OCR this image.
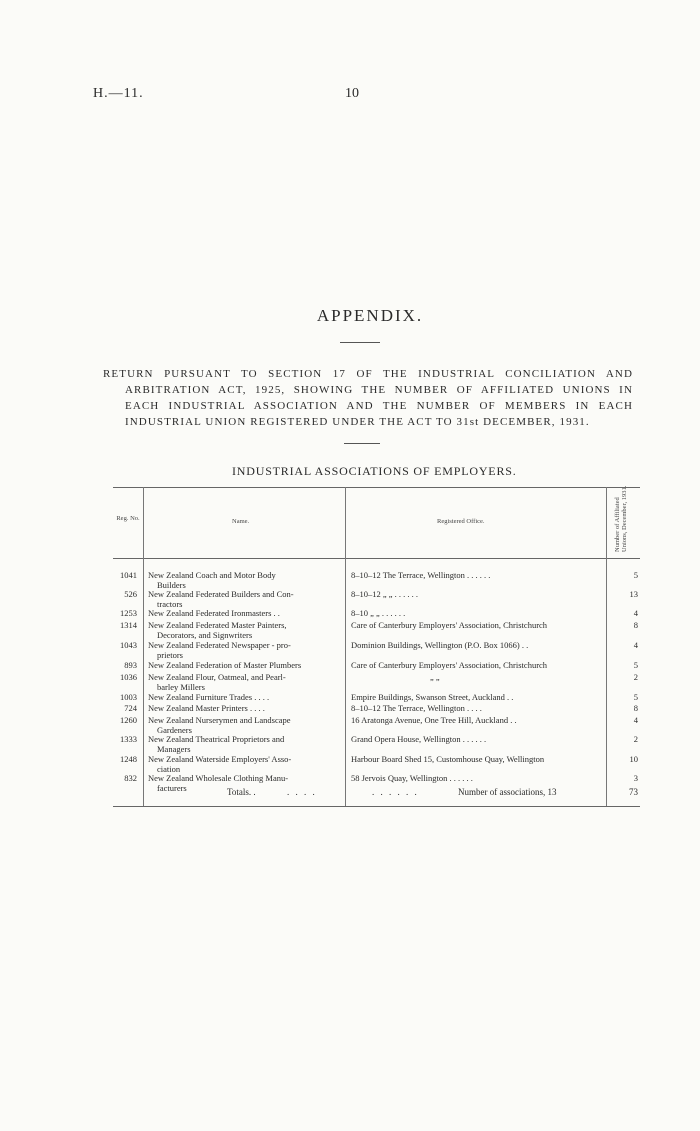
H.—11.	10
APPENDIX.
RETURN PURSUANT TO SECTION 17 OF THE INDUSTRIAL CONCILIATION AND
ARBITRATION ACT, 1925, SHOWING THE NUMBER OF AFFILIATED UNIONS IN
EACH INDUSTRIAL ASSOCIATION AND THE NUMBER OF MEMBERS IN EACH
INDUSTRIAL UNION REGISTERED UNDER THE ACT TO 31st DECEMBER, 1931.
INDUSTRIAL ASSOCIATIONS OF EMPLOYERS.
Reg. No.	Name.	Registered Office.	Number of Affiliated Unions, December, 1931.
1041 New Zealand Coach and Motor Body
Builders
8–10–12 The Terrace, Wellington . . . . . .	5
526 New Zealand Federated Builders and Con-
tractors
8–10–12 „ „ . . . . . .	13
1253 New Zealand Federated Ironmasters . .	8–10 „ „ . . . . . .	4
1314 New Zealand Federated Master Painters,
Decorators, and Signwriters
Care of Canterbury Employers' Association, Christchurch	8
1043 New Zealand Federated Newspaper - pro-
prietors
Dominion Buildings, Wellington (P.O. Box 1066) . .	4
893 New Zealand Federation of Master Plumbers	Care of Canterbury Employers' Association, Christchurch	5
1036 New Zealand Flour, Oatmeal, and Pearl-
barley Millers
„ „	2
1003 New Zealand Furniture Trades . . . .	Empire Buildings, Swanson Street, Auckland . .	5
724 New Zealand Master Printers . . . .	8–10–12 The Terrace, Wellington . . . .	8
1260 New Zealand Nurserymen and Landscape
Gardeners
16 Aratonga Avenue, One Tree Hill, Auckland . .	4
1333 New Zealand Theatrical Proprietors and
Managers
Grand Opera House, Wellington . . . . . .	2
1248 New Zealand Waterside Employers' Asso-
ciation
Harbour Board Shed 15, Customhouse Quay, Wellington	10
832 New Zealand Wholesale Clothing Manu-
facturers
58 Jervois Quay, Wellington . . . . . .	3
Totals. .	. . . .	. . . . . .	Number of associations, 13	73
